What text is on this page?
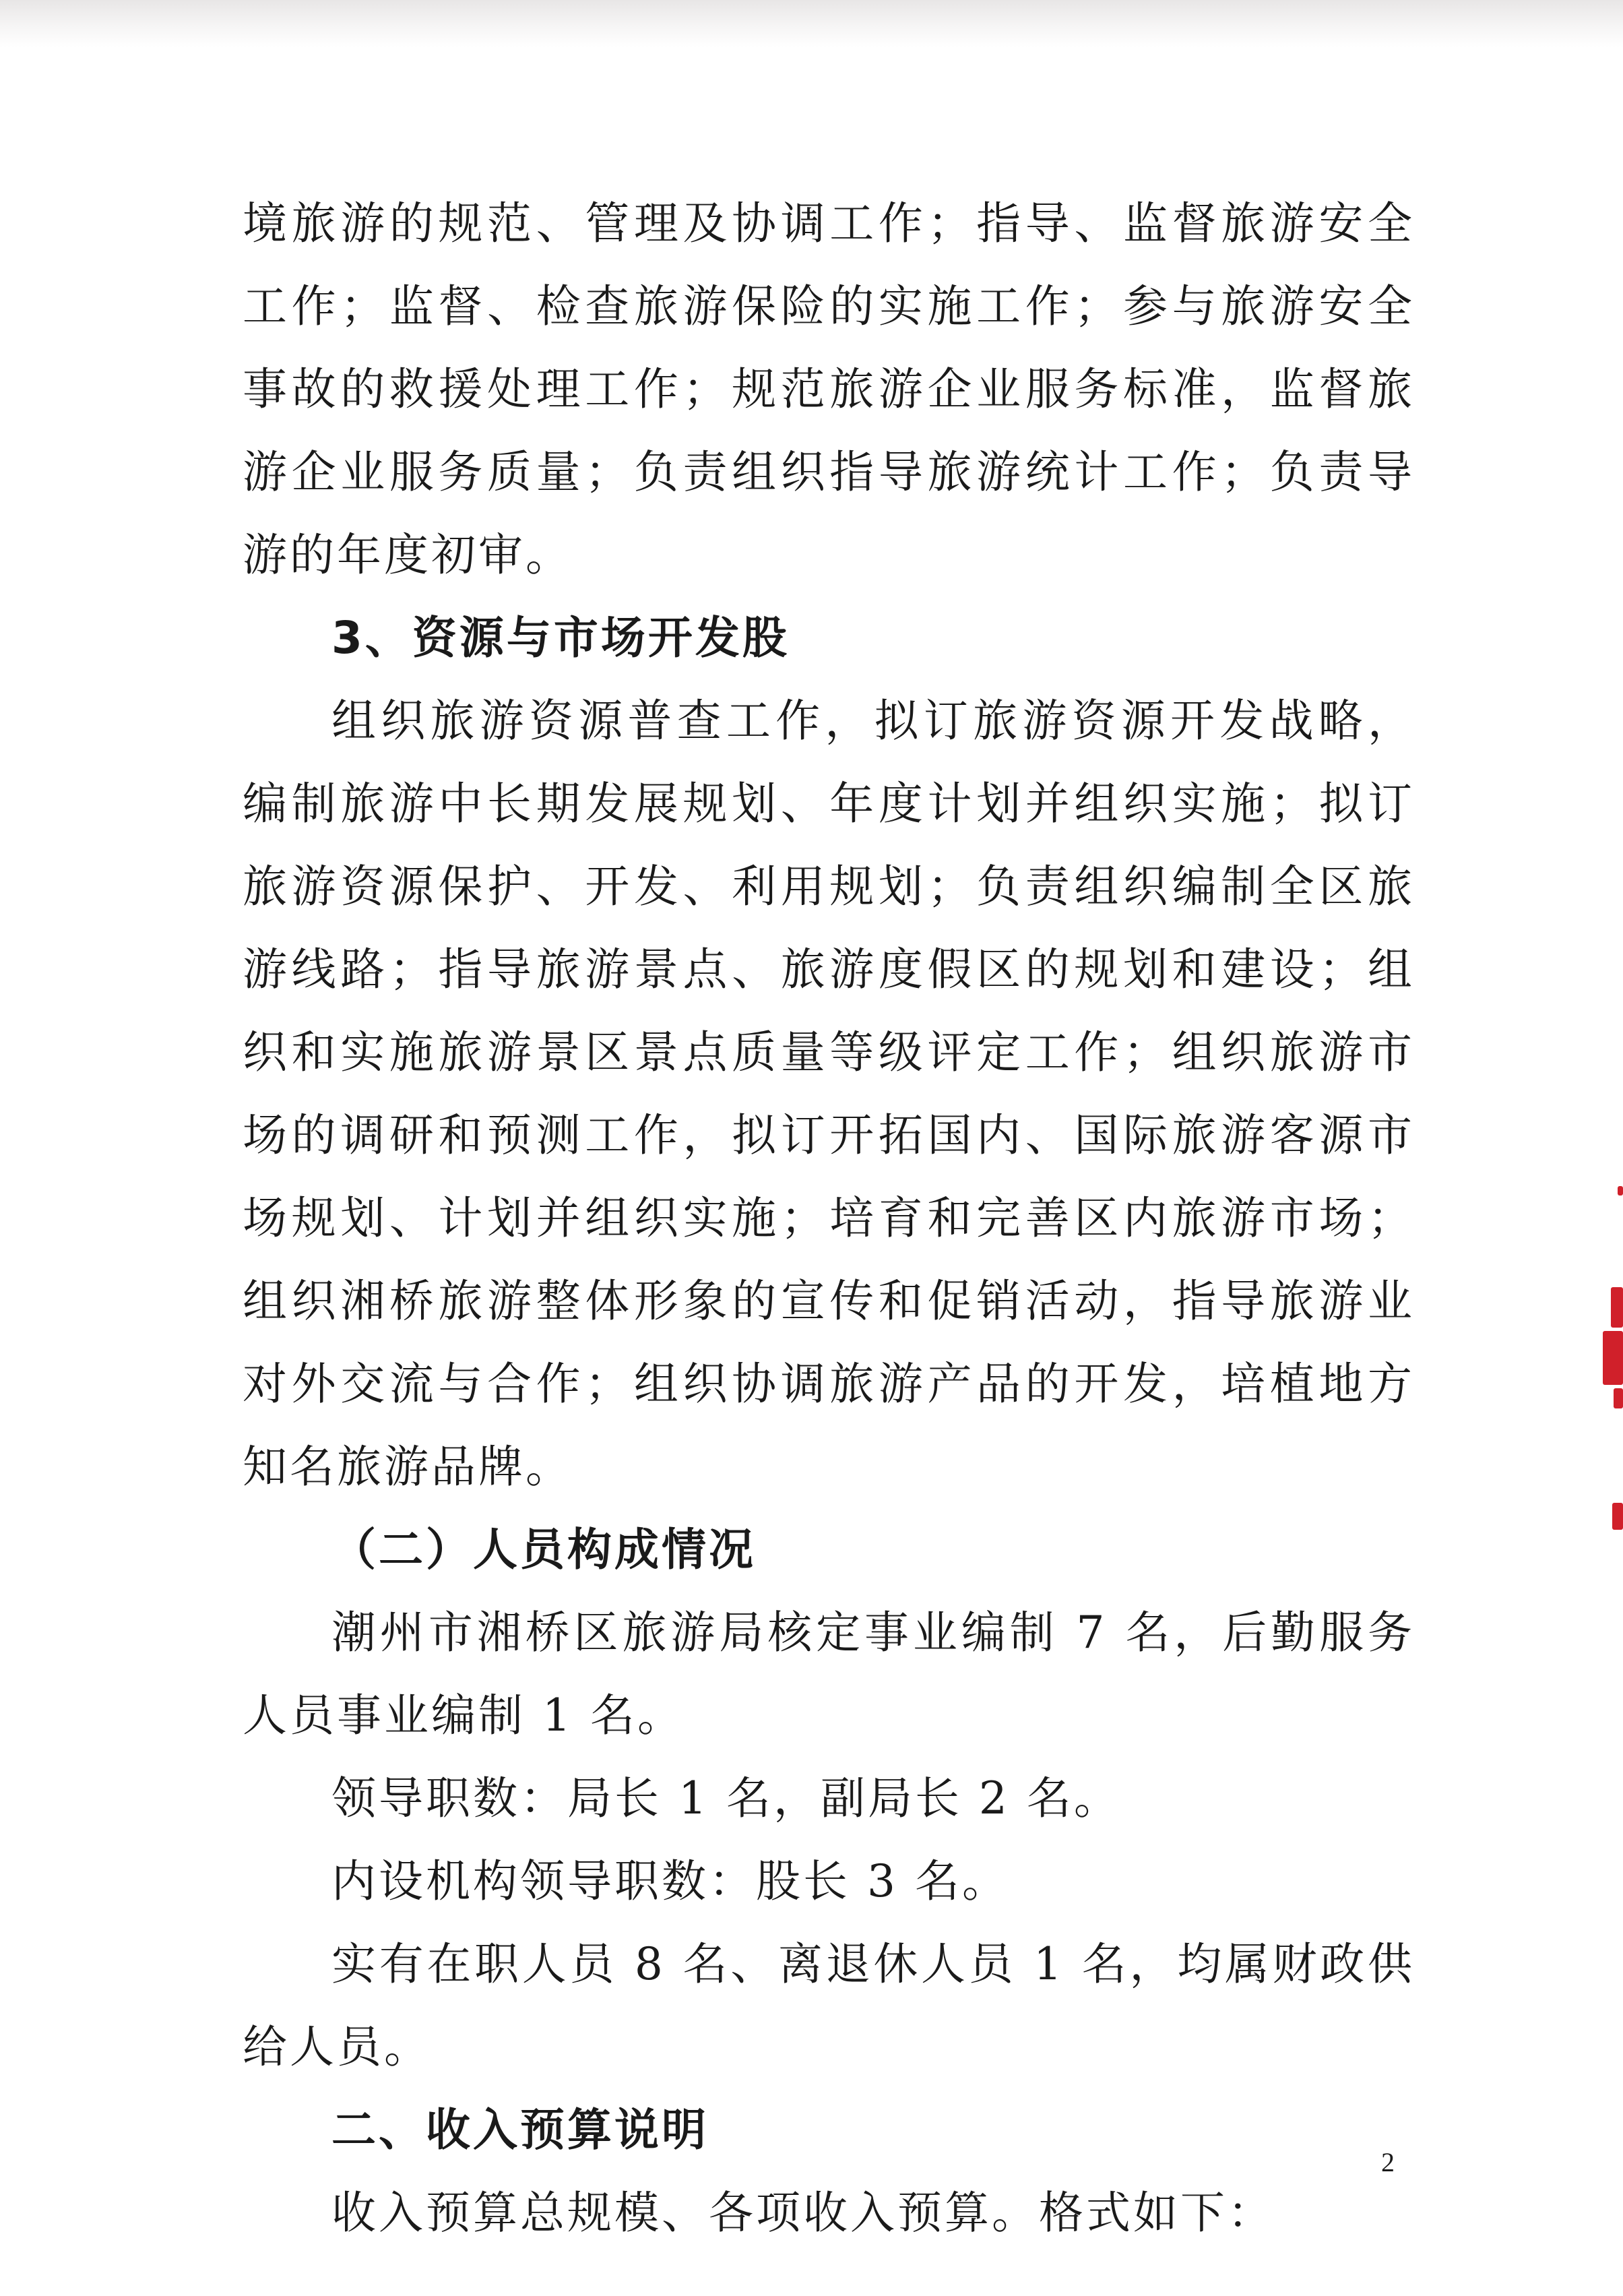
境旅游的规范、管理及协调工作；指导、监督旅游安全工作；监督、检查旅游保险的实施工作；参与旅游安全事故的救援处理工作；规范旅游企业服务标准，监督旅游企业服务质量；负责组织指导旅游统计工作；负责导游的年度初审。

3、资源与市场开发股

组织旅游资源普查工作，拟订旅游资源开发战略，编制旅游中长期发展规划、年度计划并组织实施；拟订旅游资源保护、开发、利用规划；负责组织编制全区旅游线路；指导旅游景点、旅游度假区的规划和建设；组织和实施旅游景区景点质量等级评定工作；组织旅游市场的调研和预测工作，拟订开拓国内、国际旅游客源市场规划、计划并组织实施；培育和完善区内旅游市场；组织湘桥旅游整体形象的宣传和促销活动，指导旅游业对外交流与合作；组织协调旅游产品的开发，培植地方知名旅游品牌。

（二）人员构成情况

潮州市湘桥区旅游局核定事业编制 7 名，后勤服务人员事业编制 1 名。

领导职数：局长 1 名，副局长 2 名。

内设机构领导职数：股长 3 名。

实有在职人员 8 名、离退休人员 1 名，均属财政供给人员。

二、收入预算说明

收入预算总规模、各项收入预算。格式如下：

2
